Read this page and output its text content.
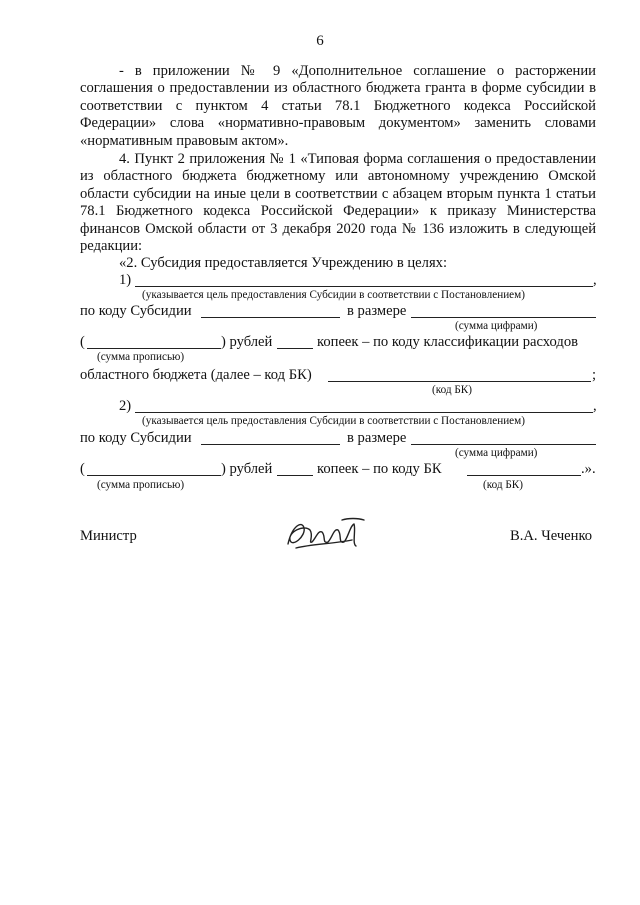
6
- в приложении № 9 «Дополнительное соглашение о расторжении соглашения о предоставлении из областного бюджета гранта в форме субсидии в соответствии с пунктом 4 статьи 78.1 Бюджетного кодекса Российской Федерации» слова «нормативно-правовым документом» заменить словами «нормативным правовым актом».
4. Пункт 2 приложения № 1 «Типовая форма соглашения о предоставлении из областного бюджета бюджетному или автономному учреждению Омской области субсидии на иные цели в соответствии с абзацем вторым пункта 1 статьи 78.1 Бюджетного кодекса Российской Федерации» к приказу Министерства финансов Омской области от 3 декабря 2020 года № 136 изложить в следующей редакции:
«2. Субсидия предоставляется Учреждению в целях:
1)	,
(указывается цель предоставления Субсидии в соответствии с Постановлением)
по коду Субсидии	в размере
(сумма цифрами)
(	) рублей	копеек – по коду классификации расходов
(сумма прописью)
областного бюджета (далее – код БК)	;
(код БК)
2)	,
(указывается цель предоставления Субсидии в соответствии с Постановлением)
по коду Субсидии	в размере
(сумма цифрами)
(	) рублей	копеек – по коду БК	.».
(сумма прописью)	(код БК)
Министр	В.А. Чеченко
